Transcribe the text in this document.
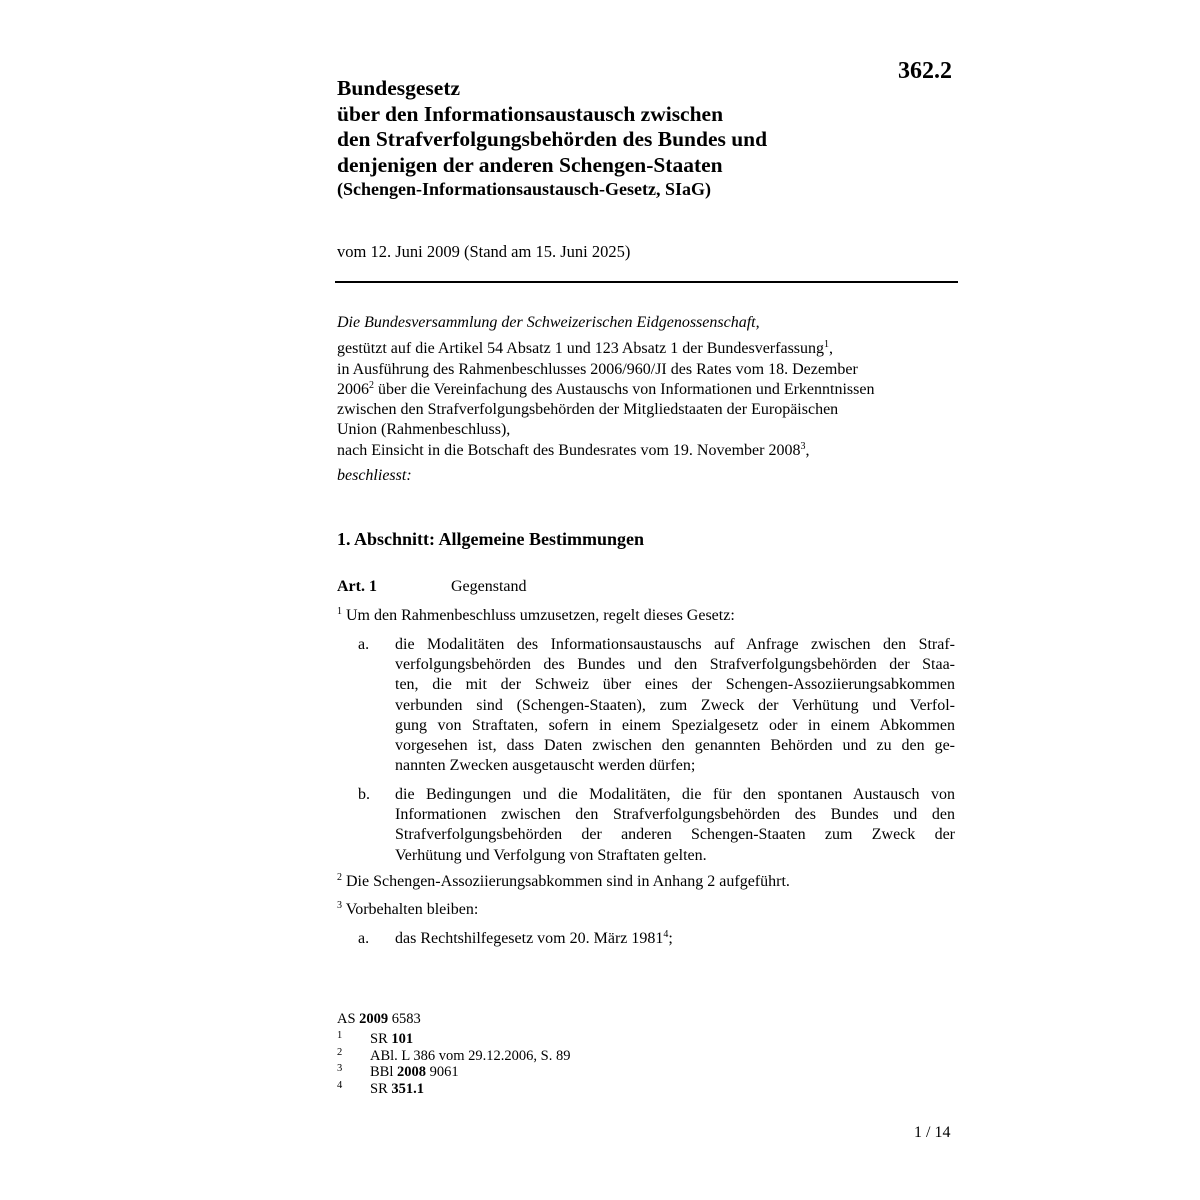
362.2
Bundesgesetz
über den Informationsaustausch zwischen
den Strafverfolgungsbehörden des Bundes und
denjenigen der anderen Schengen-Staaten
(Schengen-Informationsaustausch-Gesetz, SIaG)
vom 12. Juni 2009 (Stand am 15. Juni 2025)
Die Bundesversammlung der Schweizerischen Eidgenossenschaft,
gestützt auf die Artikel 54 Absatz 1 und 123 Absatz 1 der Bundesverfassung$^1$,
in Ausführung des Rahmenbeschlusses 2006/960/JI des Rates vom 18. Dezember
2006$^2$ über die Vereinfachung des Austauschs von Informationen und Erkenntnissen
zwischen den Strafverfolgungsbehörden der Mitgliedstaaten der Europäischen
Union (Rahmenbeschluss),
nach Einsicht in die Botschaft des Bundesrates vom 19. November 2008$^3$,
beschliesst:
1. Abschnitt: Allgemeine Bestimmungen
Art. 1	Gegenstand
$^1$ Um den Rahmenbeschluss umzusetzen, regelt dieses Gesetz:
a. die Modalitäten des Informationsaustauschs auf Anfrage zwischen den Straf-
verfolgungsbehörden des Bundes und den Strafverfolgungsbehörden der Staa-
ten, die mit der Schweiz über eines der Schengen-Assoziierungsabkommen
verbunden sind (Schengen-Staaten), zum Zweck der Verhütung und Verfol-
gung von Straftaten, sofern in einem Spezialgesetz oder in einem Abkommen
vorgesehen ist, dass Daten zwischen den genannten Behörden und zu den ge-
nannten Zwecken ausgetauscht werden dürfen;
b. die Bedingungen und die Modalitäten, die für den spontanen Austausch von
Informationen zwischen den Strafverfolgungsbehörden des Bundes und den
Strafverfolgungsbehörden der anderen Schengen-Staaten zum Zweck der
Verhütung und Verfolgung von Straftaten gelten.
$^2$ Die Schengen-Assoziierungsabkommen sind in Anhang 2 aufgeführt.
$^3$ Vorbehalten bleiben:
a. das Rechtshilfegesetz vom 20. März 1981$^4$;
AS 2009 6583
1 SR 101
2 ABl. L 386 vom 29.12.2006, S. 89
3 BBl 2008 9061
4 SR 351.1
1 / 14
